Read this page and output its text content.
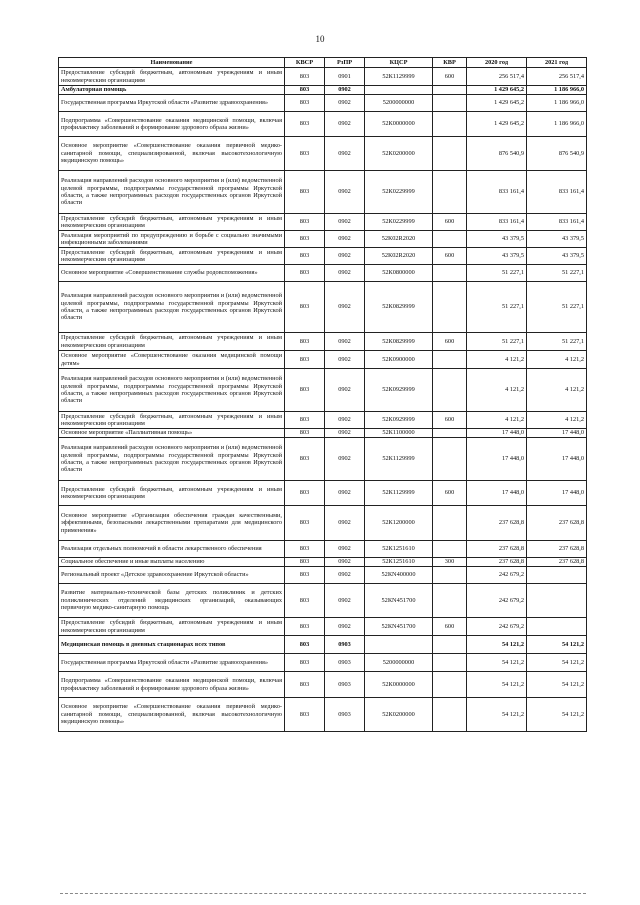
10
Наименование	КВСР	РзПР	КЦСР	КВР	2020 год	2021 год
Предоставление субсидий бюджетным, автономным учреждениям и иным некоммерческим организациям	803	0901	52К1129999	600	256 517,4	256 517,4
Амбулаторная помощь	803	0902			1 429 645,2	1 186 966,0
Государственная программа Иркутской области «Развитие здравоохранения»	803	0902	5200000000		1 429 645,2	1 186 966,0
Подпрограмма «Совершенствование оказания медицинской помощи, включая профилактику заболеваний и формирование здорового образа жизни»	803	0902	52К0000000		1 429 645,2	1 186 966,0
Основное мероприятие «Совершенствование оказания первичной медико-санитарной помощи, специализированной, включая высокотехнологичную медицинскую помощь»	803	0902	52К0200000		876 540,9	876 540,9
Реализация направлений расходов основного мероприятия и (или) ведомственной целевой программы, подпрограммы государственной программы Иркутской области, а также непрограммных расходов государственных органов Иркутской области	803	0902	52К0229999		833 161,4	833 161,4
Предоставление субсидий бюджетным, автономным учреждениям и иным некоммерческим организациям	803	0902	52К0229999	600	833 161,4	833 161,4
Реализация мероприятий по предупреждению и борьбе с социально значимыми инфекционными заболеваниями	803	0902	52К02R2020		43 379,5	43 379,5
Предоставление субсидий бюджетным, автономным учреждениям и иным некоммерческим организациям	803	0902	52К02R2020	600	43 379,5	43 379,5
Основное мероприятие «Совершенствование службы родовспоможения»	803	0902	52К0800000		51 227,1	51 227,1
Реализация направлений расходов основного мероприятия и (или) ведомственной целевой программы, подпрограммы государственной программы Иркутской области, а также непрограммных расходов государственных органов Иркутской области	803	0902	52К0829999		51 227,1	51 227,1
Предоставление субсидий бюджетным, автономным учреждениям и иным некоммерческим организациям	803	0902	52К0829999	600	51 227,1	51 227,1
Основное мероприятие «Совершенствование оказания медицинской помощи детям»	803	0902	52К0900000		4 121,2	4 121,2
Реализация направлений расходов основного мероприятия и (или) ведомственной целевой программы, подпрограммы государственной программы Иркутской области, а также непрограммных расходов государственных органов Иркутской области	803	0902	52К0929999		4 121,2	4 121,2
Предоставление субсидий бюджетным, автономным учреждениям и иным некоммерческим организациям	803	0902	52К0929999	600	4 121,2	4 121,2
Основное мероприятие «Паллиативная помощь»	803	0902	52К1100000		17 448,0	17 448,0
Реализация направлений расходов основного мероприятия и (или) ведомственной целевой программы, подпрограммы государственной программы Иркутской области, а также непрограммных расходов государственных органов Иркутской области	803	0902	52К1129999		17 448,0	17 448,0
Предоставление субсидий бюджетным, автономным учреждениям и иным некоммерческим организациям	803	0902	52К1129999	600	17 448,0	17 448,0
Основное мероприятие «Организация обеспечения граждан качественными, эффективными, безопасными лекарственными препаратами для медицинского применения»	803	0902	52К1200000		237 628,8	237 628,8
Реализация отдельных полномочий в области лекарственного обеспечения	803	0902	52К1251610		237 628,8	237 628,8
Социальное обеспечение и иные выплаты населению	803	0902	52К1251610	300	237 628,8	237 628,8
Региональный проект «Детское здравоохранение Иркутской области»	803	0902	52КN400000		242 679,2	
Развитие материально-технической базы детских поликлиник и детских поликлинических отделений медицинских организаций, оказывающих первичную медико-санитарную помощь	803	0902	52КN451700		242 679,2	
Предоставление субсидий бюджетным, автономным учреждениям и иным некоммерческим организациям	803	0902	52КN451700	600	242 679,2	
Медицинская помощь в дневных стационарах всех типов	803	0903			54 121,2	54 121,2
Государственная программа Иркутской области «Развитие здравоохранения»	803	0903	5200000000		54 121,2	54 121,2
Подпрограмма «Совершенствование оказания медицинской помощи, включая профилактику заболеваний и формирование здорового образа жизни»	803	0903	52К0000000		54 121,2	54 121,2
Основное мероприятие «Совершенствование оказания первичной медико-санитарной помощи, специализированной, включая высокотехнологичную медицинскую помощь»	803	0903	52К0200000		54 121,2	54 121,2
